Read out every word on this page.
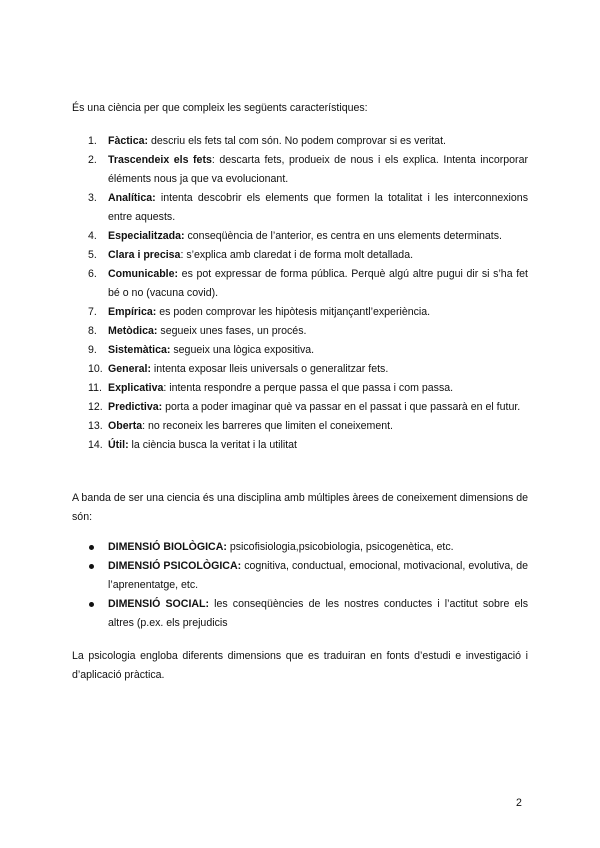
És una ciència per que compleix les següents característiques:

1. Fàctica: descriu els fets tal com són. No podem comprovar si es veritat.
2. Trascendeix els fets: descarta fets, produeix de nous i els explica. Intenta incorporar éléments nous ja que va evolucionant.
3. Analítica: intenta descobrir els elements que formen la totalitat i les interconnexions entre aquests.
4. Especialitzada: conseqüència de l’anterior, es centra en uns elements determinats.
5. Clara i precisa: s’explica amb claredat i de forma molt detallada.
6. Comunicable: es pot expressar de forma pública. Perquè algú altre pugui dir si s’ha fet bé o no (vacuna covid).
7. Empírica: es poden comprovar les hipòtesis mitjançantl’experiència.
8. Metòdica: segueix unes fases, un procés.
9. Sistemàtica: segueix una lògica expositiva.
10. General: intenta exposar lleis universals o generalitzar fets.
11. Explicativa: intenta respondre a perque passa el que passa i com passa.
12. Predictiva: porta a poder imaginar què va passar en el passat i que passarà en el futur.
13. Oberta: no reconeix les barreres que limiten el coneixement.
14. Útil: la ciència busca la veritat i la utilitat

A banda de ser una ciencia és una disciplina amb múltiples àrees de coneixement dimensions de són:

DIMENSIÓ BIOLÒGICA: psicofisiologia,psicobiologia, psicogenètica, etc.
DIMENSIÓ PSICOLÒGICA: cognitiva, conductual, emocional, motivacional, evolutiva, de l’aprenentatge, etc.
DIMENSIÓ SOCIAL: les conseqüències de les nostres conductes i l’actitut sobre els altres (p.ex. els prejudicis

La psicologia engloba diferents dimensions que es traduiran en fonts d’estudi e investigació i d’aplicació pràctica.

2
